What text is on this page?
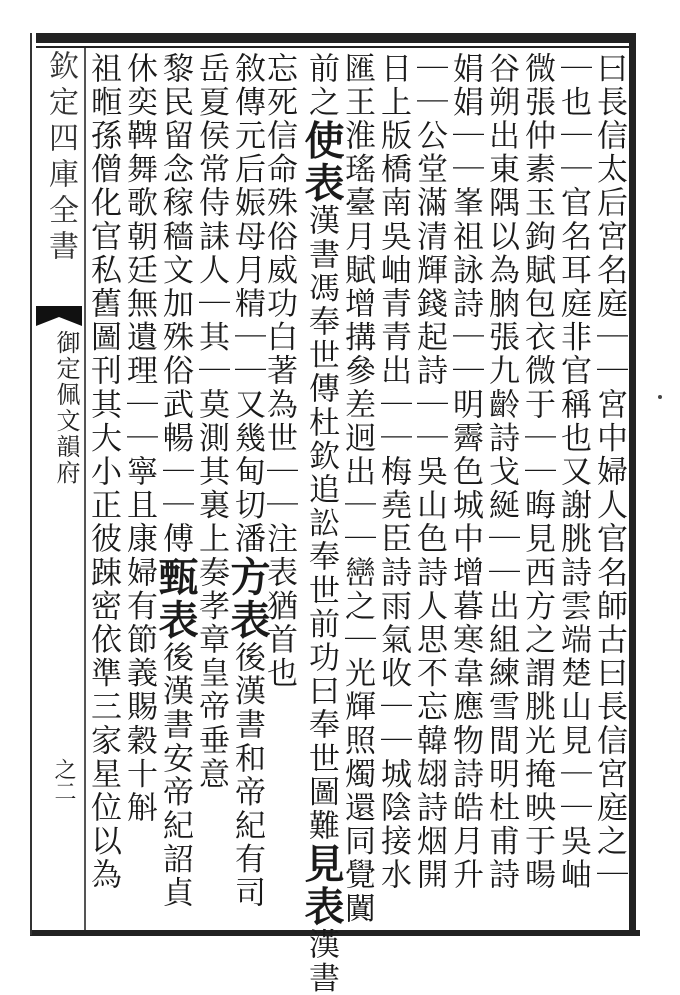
欽定四庫全書
御定佩文韻府
之二	曰長信太后宮名庭｜｜宮中婦人官名師古曰長信宮庭之｜
｜也｜｜官名耳庭非官稱也又謝朓詩雲端楚山見｜｜吳岫
微張仲素玉鉤賦包衣微于｜｜晦見西方之謂朓光掩映于暘
谷朔出東隅以為朒張九齡詩戈綖｜｜出組練雪間明杜甫詩
娟娟｜｜峯祖詠詩｜｜明霽色城中增暮寒韋應物詩皓月升
｜｜公堂滿清輝錢起詩｜｜吳山色詩人思不忘韓翃詩烟開
日上版橋南吳岫青青出｜｜梅堯臣詩雨氣收｜｜城陰接水
匯王淮瑤臺月賦增搆參差迥出｜｜巒之｜光輝照燭還同覺闐
前之使表漢書馮奉世傳杜欽追訟奉世前功曰奉世圖難見表漢書
忘死信命殊俗威功白著為世｜｜注表猶首也
敘傳元后娠母月精｜｜又幾甸切潘方表後漢書和帝紀有司
岳夏侯常侍誄人｜其｜莫測其裏上奏孝章皇帝垂意
黎民留念稼穡文加殊俗武暢｜｜傅甄表後漢書安帝紀詔貞
休奕鞞舞歌朝廷無遺理｜｜寧且康婦有節義賜穀十斛
祖暅孫僧化官私舊圖刊其大小正彼踈密依準三家星位以為
